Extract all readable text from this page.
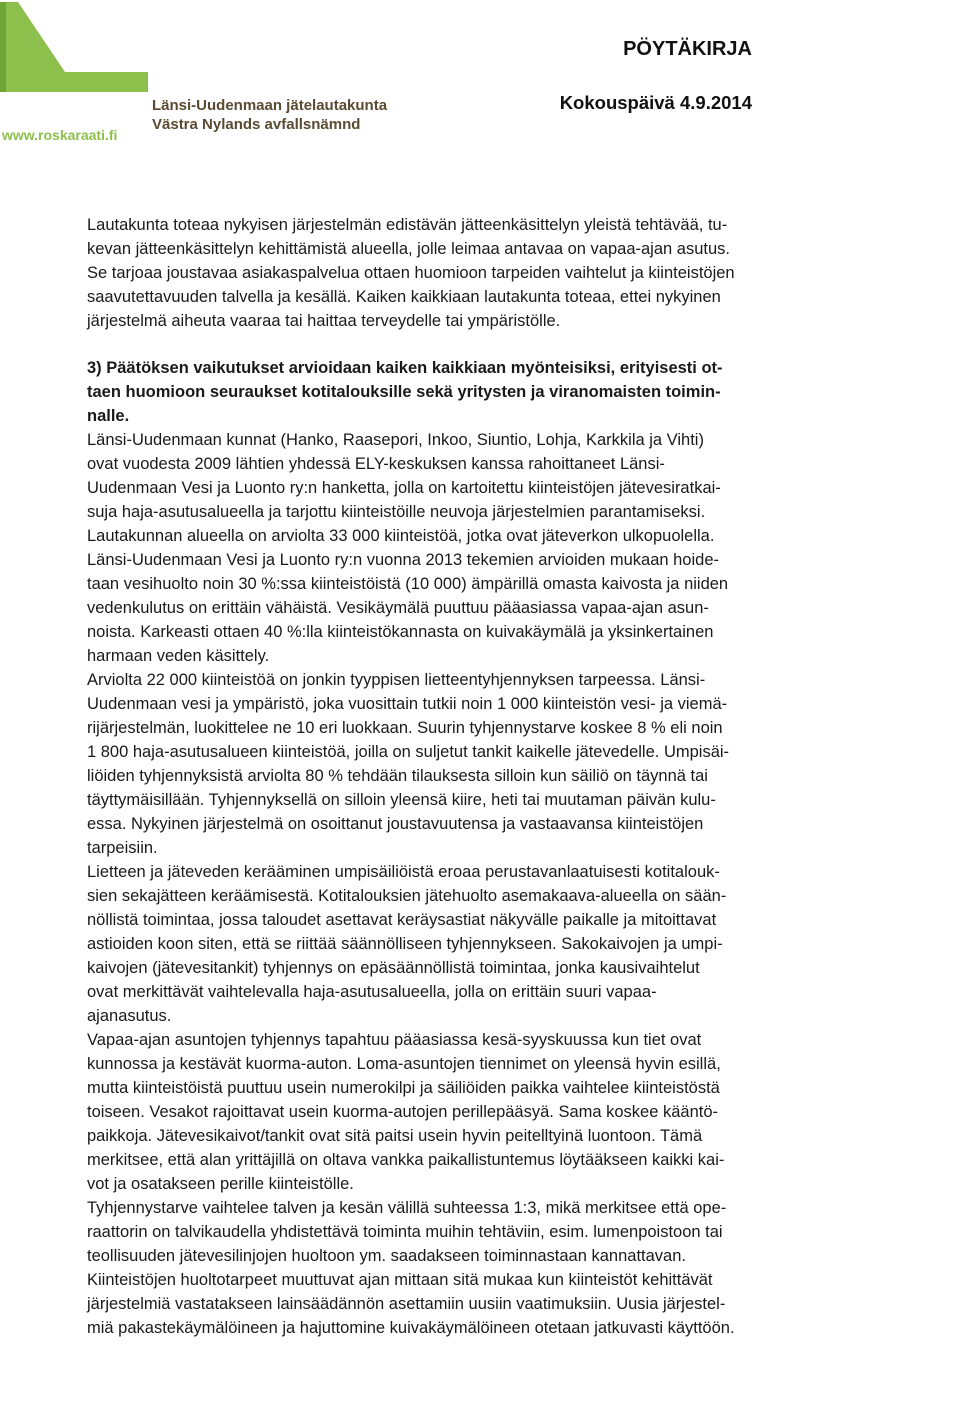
Länsi-Uudenmaan jätelautakunta
Västra Nylands avfallsnämnd
www.roskaraati.fi
PÖYTÄKIRJA
Kokouspäivä 4.9.2014
Lautakunta toteaa nykyisen järjestelmän edistävän jätteenkäsittelyn yleistä tehtävää, tu-
kevan jätteenkäsittelyn kehittämistä alueella, jolle leimaa antavaa on vapaa-ajan asutus.
Se tarjoaa joustavaa asiakaspalvelua ottaen huomioon tarpeiden vaihtelut ja kiinteistöjen
saavutettavuuden talvella ja kesällä. Kaiken kaikkiaan lautakunta toteaa, ettei nykyinen
järjestelmä aiheuta vaaraa tai haittaa terveydelle tai ympäristölle.
3) Päätöksen vaikutukset arvioidaan kaiken kaikkiaan myönteisiksi, erityisesti ot-
taen huomioon seuraukset kotitalouksille sekä yritysten ja viranomaisten toimin-
nalle.
Länsi-Uudenmaan kunnat (Hanko, Raasepori, Inkoo, Siuntio, Lohja, Karkkila ja Vihti)
ovat vuodesta 2009 lähtien yhdessä ELY-keskuksen kanssa rahoittaneet Länsi-
Uudenmaan Vesi ja Luonto ry:n hanketta, jolla on kartoitettu kiinteistöjen jätevesiratkai-
suja haja-asutusalueella ja tarjottu kiinteistöille neuvoja järjestelmien parantamiseksi.
Lautakunnan alueella on arviolta 33 000 kiinteistöä, jotka ovat jäteverkon ulkopuolella.
Länsi-Uudenmaan Vesi ja Luonto ry:n vuonna 2013 tekemien arvioiden mukaan hoide-
taan vesihuolto noin 30 %:ssa kiinteistöistä (10 000) ämpärillä omasta kaivosta ja niiden
vedenkulutus on erittäin vähäistä. Vesikäymälä puuttuu pääasiassa vapaa-ajan asun-
noista. Karkeasti ottaen 40 %:lla kiinteistökannasta on kuivakäymälä ja yksinkertainen
harmaan veden käsittely.
Arviolta 22 000 kiinteistöä on jonkin tyyppisen lietteentyhjennyksen tarpeessa. Länsi-
Uudenmaan vesi ja ympäristö, joka vuosittain tutkii noin 1 000 kiinteistön vesi- ja viemä-
rijärjestelmän, luokittelee ne 10 eri luokkaan. Suurin tyhjennystarve koskee 8 % eli noin
1 800 haja-asutusalueen kiinteistöä, joilla on suljetut tankit kaikelle jätevedelle. Umpisäi-
liöiden tyhjennyksistä arviolta 80 % tehdään tilauksesta silloin kun säiliö on täynnä tai
täyttymäisillään. Tyhjennyksellä on silloin yleensä kiire, heti tai muutaman päivän kulu-
essa. Nykyinen järjestelmä on osoittanut joustavuutensa ja vastaavansa kiinteistöjen
tarpeisiin.
Lietteen ja jäteveden kerääminen umpisäiliöistä eroaa perustavanlaatuisesti kotitalouk-
sien sekajätteen keräämisestä. Kotitalouksien jätehuolto asemakaava-alueella on sään-
nöllistä toimintaa, jossa taloudet asettavat keräysastiat näkyvälle paikalle ja mitoittavat
astioiden koon siten, että se riittää säännölliseen tyhjennykseen. Sakokaivojen ja umpi-
kaivojen (jätevesitankit) tyhjennys on epäsäännöllistä toimintaa, jonka kausivaihtelut
ovat merkittävät vaihtelevalla haja-asutusalueella, jolla on erittäin suuri vapaa-
ajanasutus.
Vapaa-ajan asuntojen tyhjennys tapahtuu pääasiassa kesä-syyskuussa kun tiet ovat
kunnossa ja kestävät kuorma-auton. Loma-asuntojen tiennimet on yleensä hyvin esillä,
mutta kiinteistöistä puuttuu usein numerokilpi ja säiliöiden paikka vaihtelee kiinteistöstä
toiseen. Vesakot rajoittavat usein kuorma-autojen perillepääsyä. Sama koskee kääntö-
paikkoja. Jätevesikaivot/tankit ovat sitä paitsi usein hyvin peitelltyinä luontoon. Tämä
merkitsee, että alan yrittäjillä on oltava vankka paikallistuntemus löytääkseen kaikki kai-
vot ja osatakseen perille kiinteistölle.
Tyhjennystarve vaihtelee talven ja kesän välillä suhteessa 1:3, mikä merkitsee että ope-
raattorin on talvikaudella yhdistettävä toiminta muihin tehtäviin, esim. lumenpoistoon tai
teollisuuden jätevesilinjojen huoltoon ym. saadakseen toiminnastaan kannattavan.
Kiinteistöjen huoltotarpeet muuttuvat ajan mittaan sitä mukaa kun kiinteistöt kehittävät
järjestelmiä vastatakseen lainsäädännön asettamiin uusiin vaatimuksiin. Uusia järjestel-
miä pakastekäymälöineen ja hajuttomine kuivakäymälöineen otetaan jatkuvasti käyttöön.
